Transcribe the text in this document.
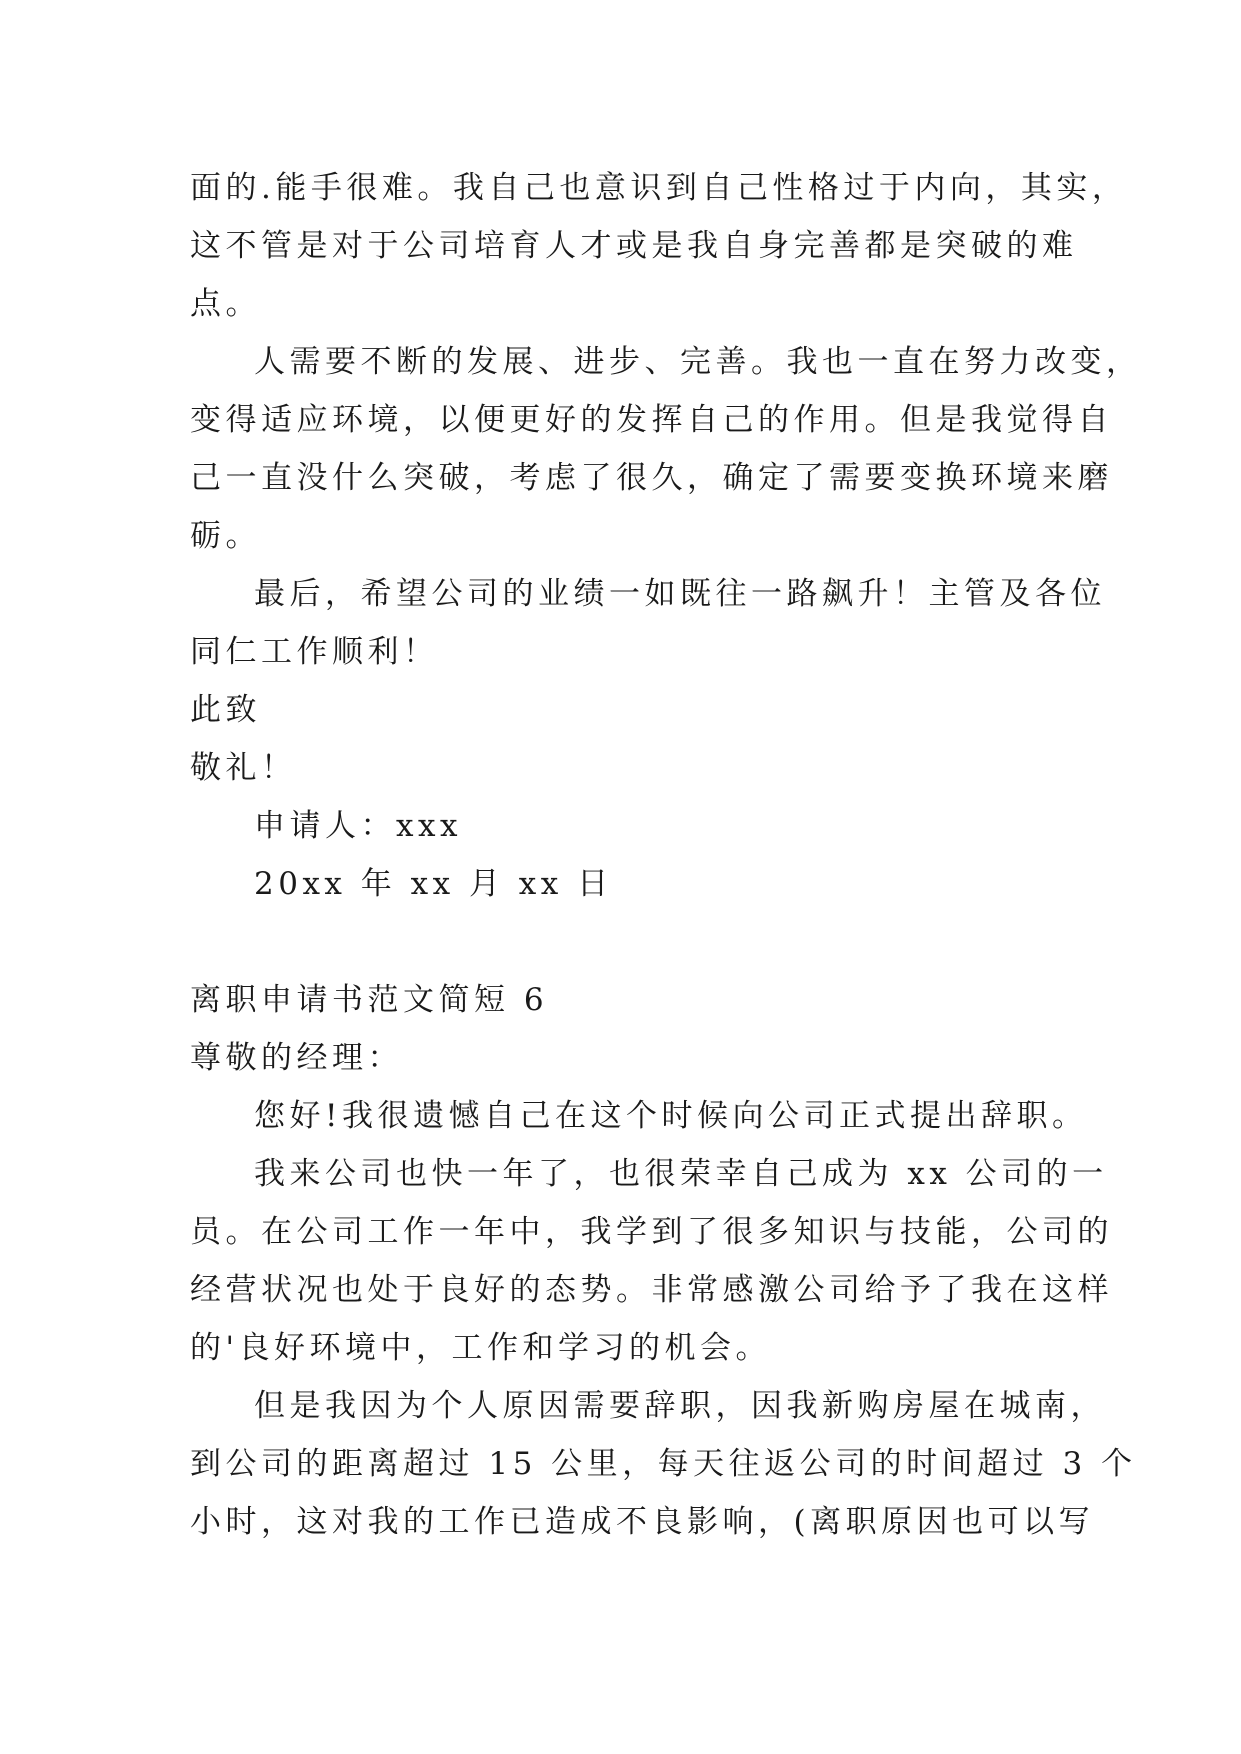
面的.能手很难。我自己也意识到自己性格过于内向，其实，
这不管是对于公司培育人才或是我自身完善都是突破的难
点。
人需要不断的发展、进步、完善。我也一直在努力改变，
变得适应环境，以便更好的发挥自己的作用。但是我觉得自
己一直没什么突破，考虑了很久，确定了需要变换环境来磨
砺。
最后，希望公司的业绩一如既往一路飙升！主管及各位
同仁工作顺利！
此致
敬礼！
申请人：xxx
20xx 年 xx 月 xx 日
离职申请书范文简短 6
尊敬的经理：
您好!我很遗憾自己在这个时候向公司正式提出辞职。
我来公司也快一年了，也很荣幸自己成为 xx 公司的一
员。在公司工作一年中，我学到了很多知识与技能，公司的
经营状况也处于良好的态势。非常感激公司给予了我在这样
的'良好环境中，工作和学习的机会。
但是我因为个人原因需要辞职，因我新购房屋在城南，
到公司的距离超过 15 公里，每天往返公司的时间超过 3 个
小时，这对我的工作已造成不良影响，(离职原因也可以写
